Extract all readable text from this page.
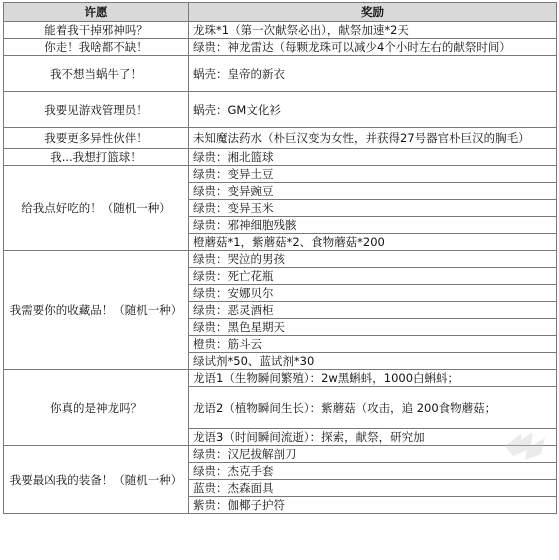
许愿	奖励
能着我干掉邪神吗？	龙珠*1（第一次献祭必出），献祭加速*2天
你走！我啥都不缺！	绿贵：神龙雷达（每颗龙珠可以减少4个小时左右的献祭时间）
我不想当蜗牛了！	蜗壳：皇帝的新衣
我要见游戏管理员！	蜗壳：GM文化衫
我要更多异性伙伴！	未知魔法药水（朴巨汉变为女性，并获得27号器官朴巨汉的胸毛）
我...我想打篮球！	绿贵：湘北篮球
给我点好吃的！（随机一种）	绿贵：变异土豆
	绿贵：变异豌豆
	绿贵：变异玉米
	绿贵：邪神细胞残骸
	橙蘑菇*1，紫蘑菇*2、食物蘑菇*200
我需要你的收藏品！（随机一种）	绿贵：哭泣的男孩
	绿贵：死亡花瓶
	绿贵：安娜贝尔
	绿贵：恶灵酒柜
	绿贵：黑色星期天
	橙贵：筋斗云
	绿试剂*50、蓝试剂*30
你真的是神龙吗？	龙语1（生物瞬间繁殖）：2w黑蝌蚪，1000白蝌蚪；
	龙语2（植物瞬间生长）：紫蘑菇（攻击，追 200食物蘑菇；
	龙语3（时间瞬间流逝）：探索，献祭，研究加
我要最凶我的装备！（随机一种）	绿贵：汉尼拔解剖刀
	绿贵：杰克手套
	蓝贵：杰森面具
	紫贵：伽椰子护符
